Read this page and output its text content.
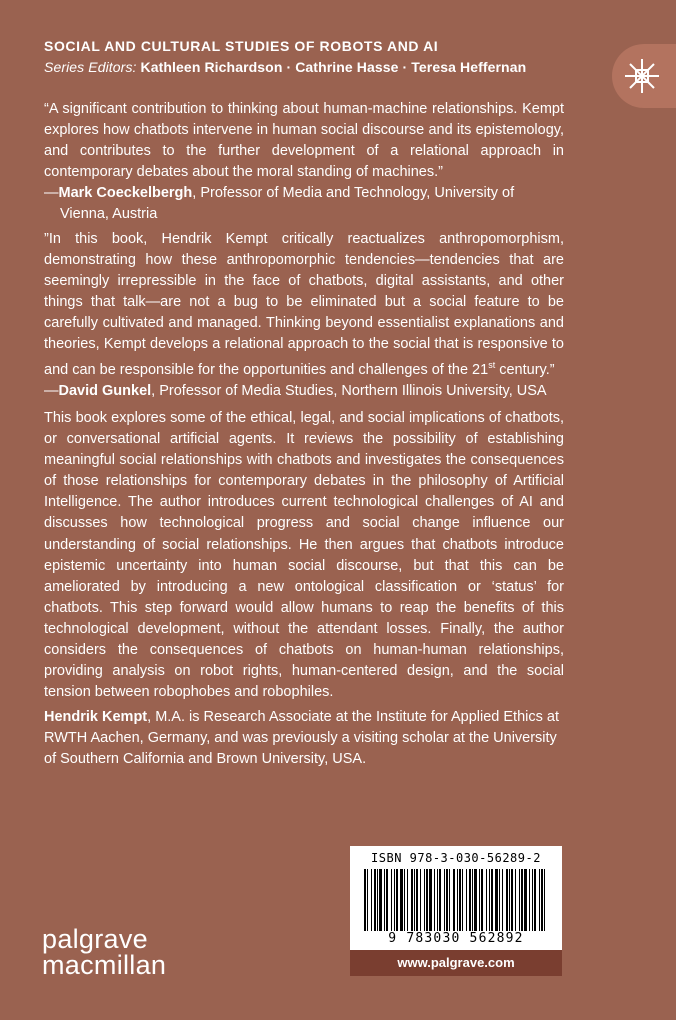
SOCIAL AND CULTURAL STUDIES OF ROBOTS AND AI
Series Editors: Kathleen Richardson · Cathrine Hasse · Teresa Heffernan

“A significant contribution to thinking about human-machine relationships. Kempt explores how chatbots intervene in human social discourse and its epistemology, and contributes to the further development of a relational approach in contemporary debates about the moral standing of machines.”

—Mark Coeckelbergh, Professor of Media and Technology, University of Vienna, Austria

”In this book, Hendrik Kempt critically reactualizes anthropomorphism, demonstrating how these anthropomorphic tendencies—tendencies that are seemingly irrepressible in the face of chatbots, digital assistants, and other things that talk—are not a bug to be eliminated but a social feature to be carefully cultivated and managed. Thinking beyond essentialist explanations and theories, Kempt develops a relational approach to the social that is responsive to and can be responsible for the opportunities and challenges of the 21st century.”

—David Gunkel, Professor of Media Studies, Northern Illinois University, USA

This book explores some of the ethical, legal, and social implications of chatbots, or conversational artificial agents. It reviews the possibility of establishing meaningful social relationships with chatbots and investigates the consequences of those relationships for contemporary debates in the philosophy of Artificial Intelligence. The author introduces current technological challenges of AI and discusses how technological progress and social change influence our understanding of social relationships. He then argues that chatbots introduce epistemic uncertainty into human social discourse, but that this can be ameliorated by introducing a new ontological classification or ‘status’ for chatbots. This step forward would allow humans to reap the benefits of this technological development, without the attendant losses. Finally, the author considers the consequences of chatbots on human-human relationships, providing analysis on robot rights, human-centered design, and the social tension between robophobes and robophiles.

Hendrik Kempt, M.A. is Research Associate at the Institute for Applied Ethics at RWTH Aachen, Germany, and was previously a visiting scholar at the University of Southern California and Brown University, USA.

ISBN 978-3-030-56289-2
9 783030 562892
www.palgrave.com
palgrave
macmillan
